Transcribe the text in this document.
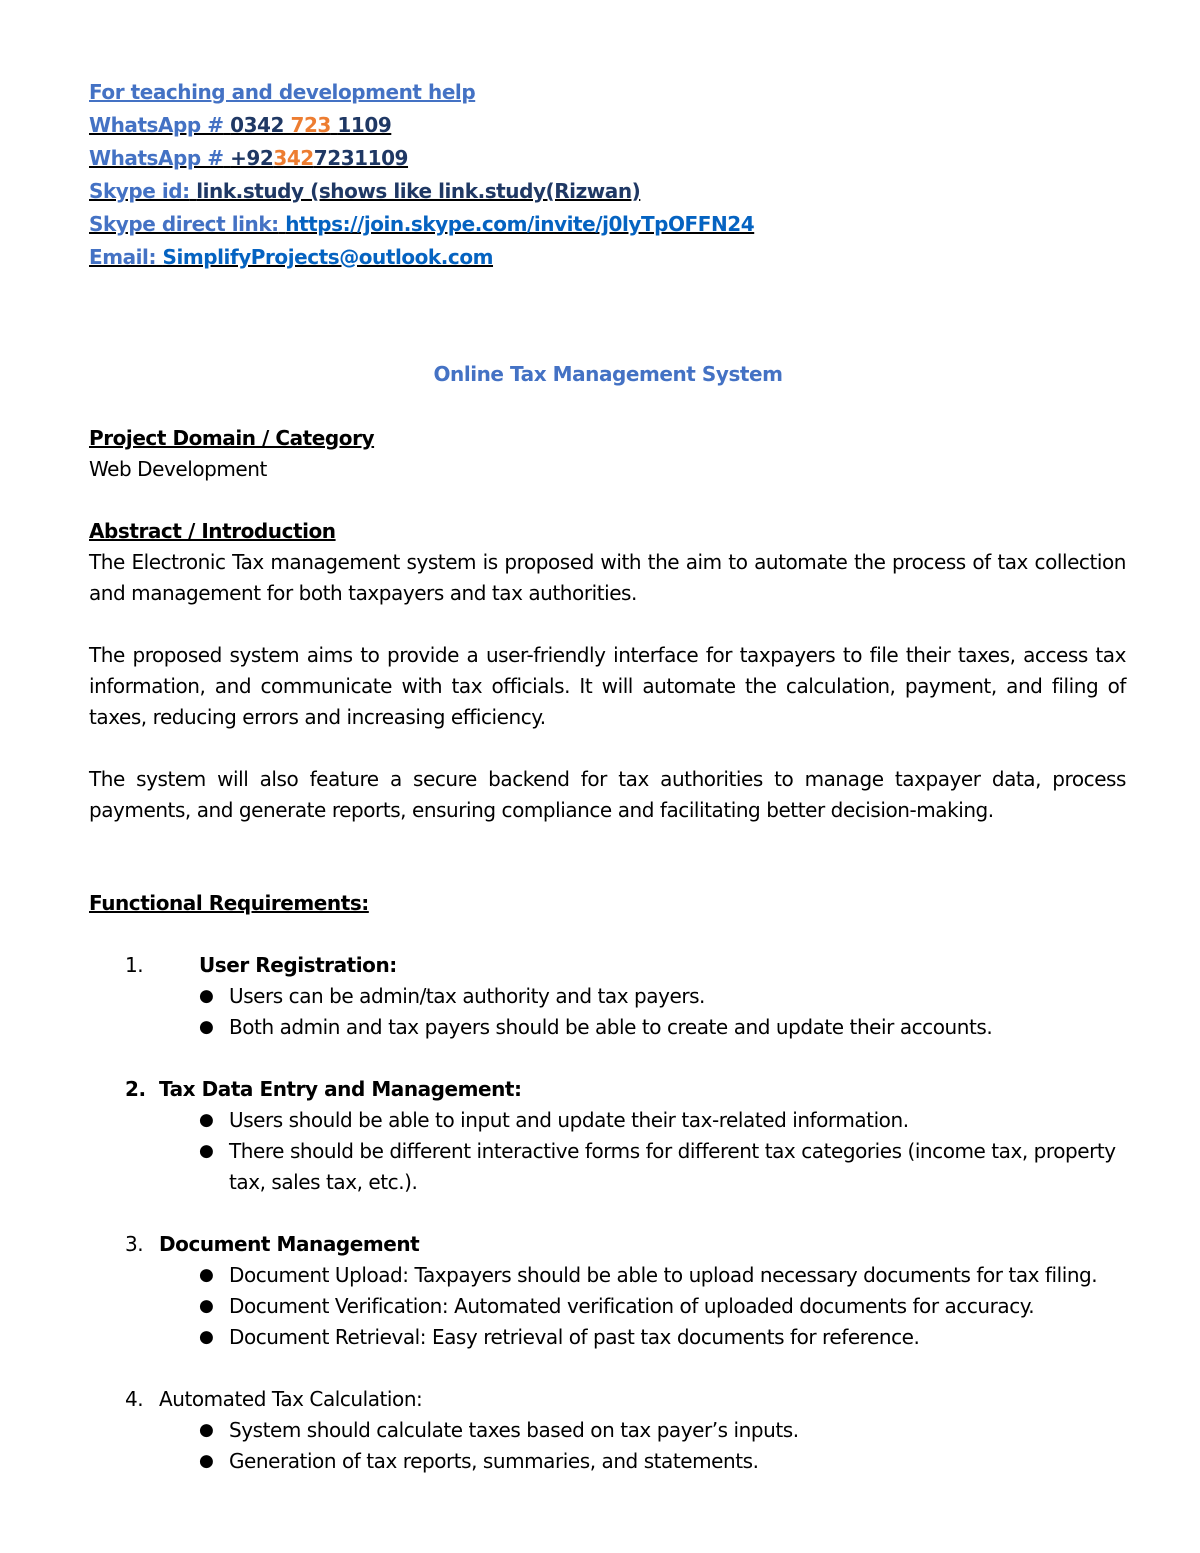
For teaching and development help
WhatsApp # 0342 723 1109
WhatsApp # +923427231109
Skype id: link.study (shows like link.study(Rizwan)
Skype direct link: https://join.skype.com/invite/j0lyTpOFFN24
Email: SimplifyProjects@outlook.com
Online Tax Management System
Project Domain / Category
Web Development
Abstract / Introduction
The Electronic Tax management system is proposed with the aim to automate the process of tax collection and management for both taxpayers and tax authorities.
The proposed system aims to provide a user-friendly interface for taxpayers to file their taxes, access tax information, and communicate with tax officials. It will automate the calculation, payment, and filing of taxes, reducing errors and increasing efficiency.
The system will also feature a secure backend for tax authorities to manage taxpayer data, process payments, and generate reports, ensuring compliance and facilitating better decision-making.
Functional Requirements:
1.	User Registration:
● Users can be admin/tax authority and tax payers.
● Both admin and tax payers should be able to create and update their accounts.
2. Tax Data Entry and Management:
● Users should be able to input and update their tax-related information.
● There should be different interactive forms for different tax categories (income tax, property tax, sales tax, etc.).
3. Document Management
● Document Upload: Taxpayers should be able to upload necessary documents for tax filing.
● Document Verification: Automated verification of uploaded documents for accuracy.
● Document Retrieval: Easy retrieval of past tax documents for reference.
4. Automated Tax Calculation:
● System should calculate taxes based on tax payer’s inputs.
● Generation of tax reports, summaries, and statements.
